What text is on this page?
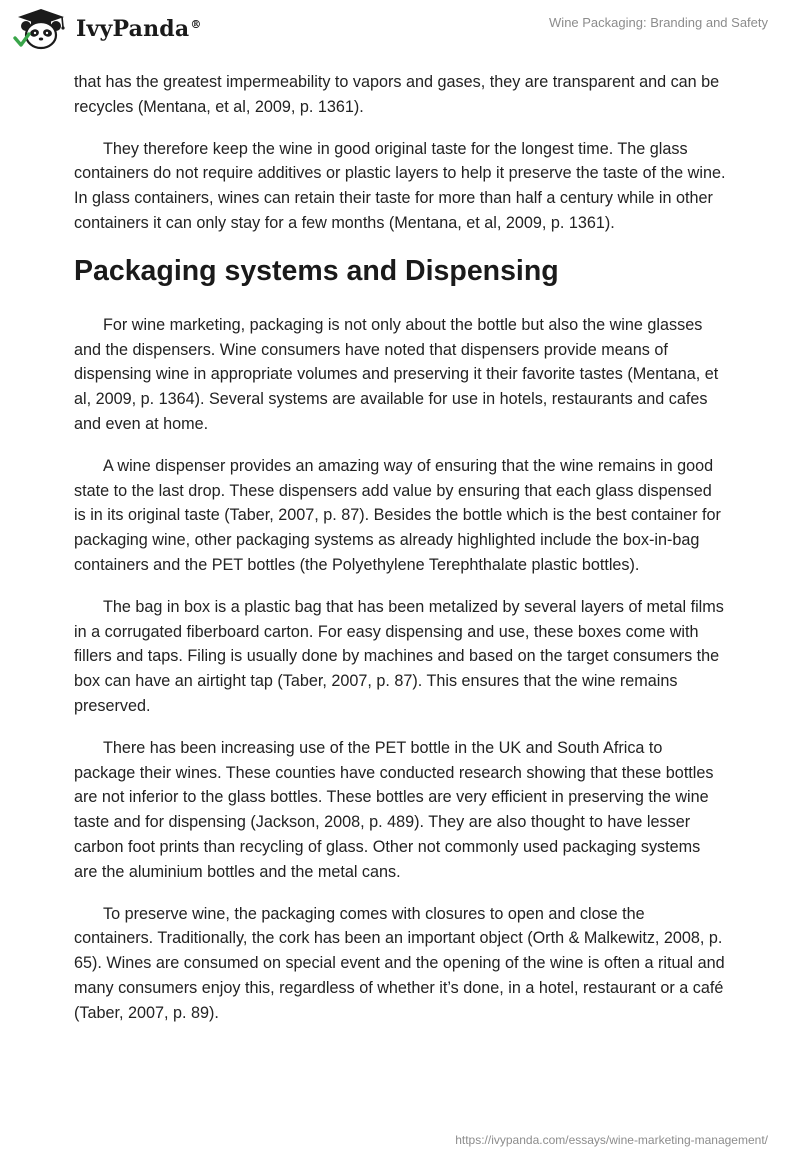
IvyPanda®	Wine Packaging: Branding and Safety

that has the greatest impermeability to vapors and gases, they are transparent and can be recycles (Mentana, et al, 2009, p. 1361).

They therefore keep the wine in good original taste for the longest time. The glass containers do not require additives or plastic layers to help it preserve the taste of the wine. In glass containers, wines can retain their taste for more than half a century while in other containers it can only stay for a few months (Mentana, et al, 2009, p. 1361).

Packaging systems and Dispensing

For wine marketing, packaging is not only about the bottle but also the wine glasses and the dispensers. Wine consumers have noted that dispensers provide means of dispensing wine in appropriate volumes and preserving it their favorite tastes (Mentana, et al, 2009, p. 1364). Several systems are available for use in hotels, restaurants and cafes and even at home.

A wine dispenser provides an amazing way of ensuring that the wine remains in good state to the last drop. These dispensers add value by ensuring that each glass dispensed is in its original taste (Taber, 2007, p. 87). Besides the bottle which is the best container for packaging wine, other packaging systems as already highlighted include the box-in-bag containers and the PET bottles (the Polyethylene Terephthalate plastic bottles).

The bag in box is a plastic bag that has been metalized by several layers of metal films in a corrugated fiberboard carton. For easy dispensing and use, these boxes come with fillers and taps. Filing is usually done by machines and based on the target consumers the box can have an airtight tap (Taber, 2007, p. 87). This ensures that the wine remains preserved.

There has been increasing use of the PET bottle in the UK and South Africa to package their wines. These counties have conducted research showing that these bottles are not inferior to the glass bottles. These bottles are very efficient in preserving the wine taste and for dispensing (Jackson, 2008, p. 489). They are also thought to have lesser carbon foot prints than recycling of glass. Other not commonly used packaging systems are the aluminium bottles and the metal cans.

To preserve wine, the packaging comes with closures to open and close the containers. Traditionally, the cork has been an important object (Orth & Malkewitz, 2008, p. 65). Wines are consumed on special event and the opening of the wine is often a ritual and many consumers enjoy this, regardless of whether it’s done, in a hotel, restaurant or a café (Taber, 2007, p. 89).

https://ivypanda.com/essays/wine-marketing-management/
